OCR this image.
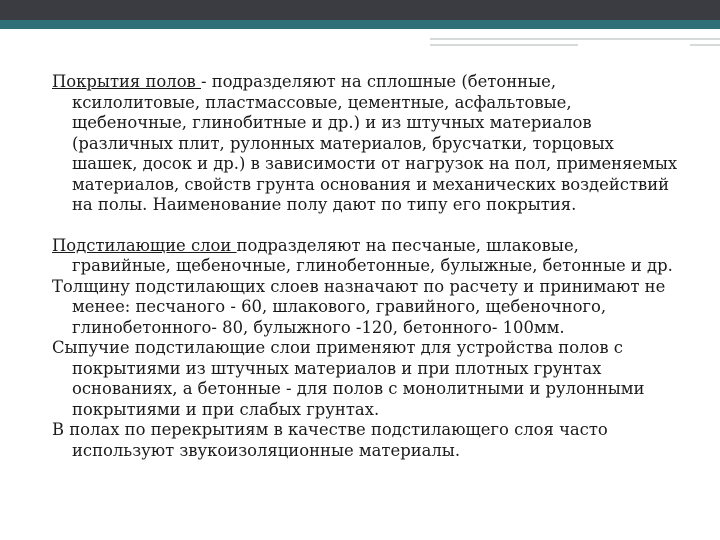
Покрытия полов - подразделяют на сплошные (бетонные, ксилолитовые, пластмассовые, цементные, асфальтовые, щебеночные, глинобитные и др.) и из штучных материалов (различных плит, рулонных материалов, брусчатки, торцовых шашек, досок и др.) в зависимости от нагрузок на пол, применяемых материалов, свойств грунта основания и механических воздействий на полы. Наименование полу дают по типу его покрытия.

Подстилающие слои подразделяют на песчаные, шлаковые, гравийные, щебеночные, глинобетонные, булыжные, бетонные и др.

Толщину подстилающих слоев назначают по расчету и принимают не менее: песчаного - 60, шлакового, гравийного, щебеночного, глинобетонного- 80, булыжного -120, бетонного- 100мм.

Сыпучие подстилающие слои применяют для устройства полов с покрытиями из штучных материалов и при плотных грунтах основаниях, а бетонные - для полов с монолитными и рулонными покрытиями и при слабых грунтах.

В полах по перекрытиям в качестве подстилающего слоя часто используют звукоизоляционные материалы.
